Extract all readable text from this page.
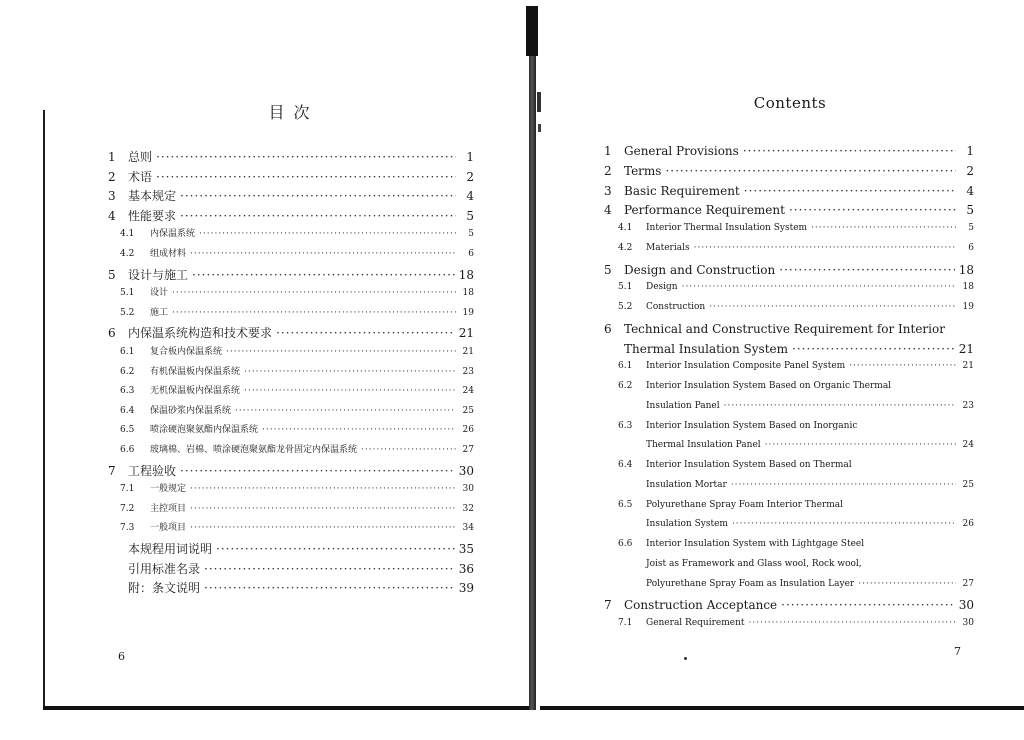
目 次	Contents
1	总则 ·····	1
2	术语 ·····	2
3	基本规定 ·····	4
4	性能要求 ·····	5
4.1	内保温系统 ·····	5
4.2	组成材料 ·····	6
5	设计与施工 ·····	18
5.1	设计 ·····	18
5.2	施工 ·····	19
6	内保温系统构造和技术要求 ·····	21
6.1	复合板内保温系统 ·····	21
6.2	有机保温板内保温系统 ·····	23
6.3	无机保温板内保温系统 ·····	24
6.4	保温砂浆内保温系统 ·····	25
6.5	喷涂硬泡聚氨酯内保温系统 ·····	26
6.6	玻璃棉、岩棉、喷涂硬泡聚氨酯龙骨固定内保温系统 ·····	27
7	工程验收 ·····	30
7.1	一般规定 ·····	30
7.2	主控项目 ·····	32
7.3	一般项目 ·····	34
本规程用词说明 ·····	35
引用标准名录 ·····	36
附：条文说明 ·····	39
1	General Provisions ·····	1
2	Terms ·····	2
3	Basic Requirement ·····	4
4	Performance Requirement ·····	5
4.1	Interior Thermal Insulation System ·····	5
4.2	Materials ·····	6
5	Design and Construction ·····	18
5.1	Design ·····	18
5.2	Construction ·····	19
6	Technical and Constructive Requirement for Interior
Thermal Insulation System ·····	21
6.1	Interior Insulation Composite Panel System ·····	21
6.2	Interior Insulation System Based on Organic Thermal
Insulation Panel ·····	23
6.3	Interior Insulation System Based on Inorganic
Thermal Insulation Panel ·····	24
6.4	Interior Insulation System Based on Thermal
Insulation Mortar ·····	25
6.5	Polyurethane Spray Foam Interior Thermal
Insulation System ·····	26
6.6	Interior Insulation System with Lightgage Steel
Joist as Framework and Glass wool, Rock wool,
Polyurethane Spray Foam as Insulation Layer ·····	27
7	Construction Acceptance ·····	30
7.1	General Requirement ·····	30
6	7
